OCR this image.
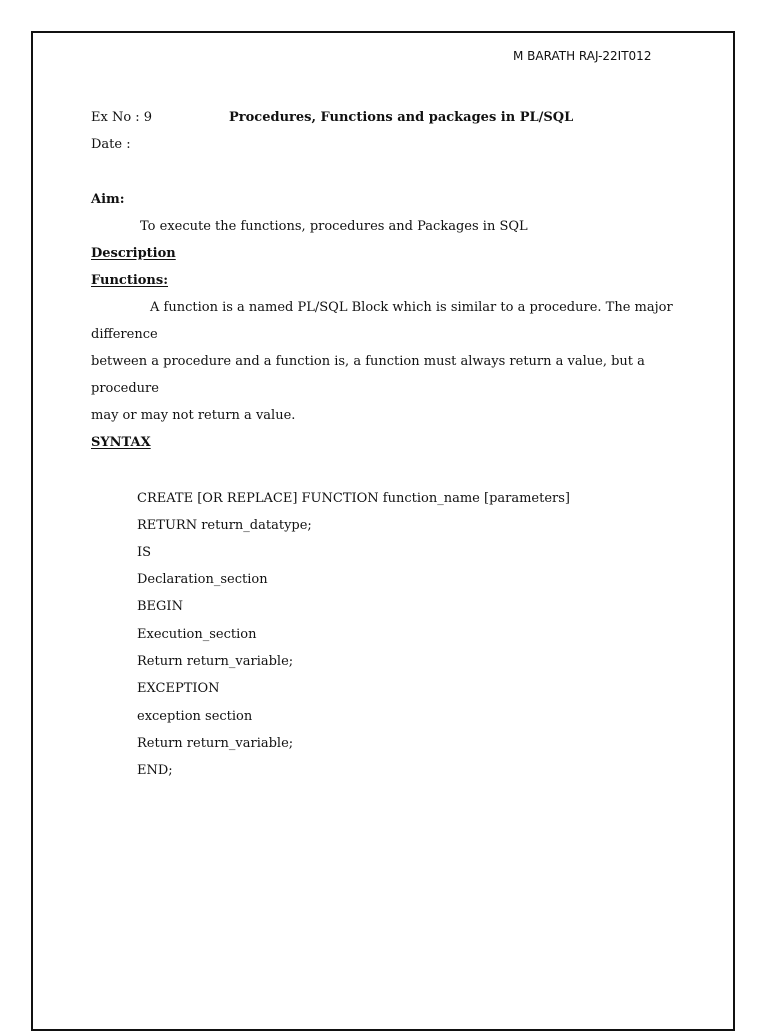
M BARATH RAJ-22IT012
Ex No : 9	Procedures, Functions and packages in PL/SQL
Date :
Aim:
To execute the functions, procedures and Packages in SQL
Description
Functions:
A function is a named PL/SQL Block which is similar to a procedure. The major
difference
between a procedure and a function is, a function must always return a value, but a
procedure
may or may not return a value.
SYNTAX
CREATE [OR REPLACE] FUNCTION function_name [parameters]
RETURN return_datatype;
IS
Declaration_section
BEGIN
Execution_section
Return return_variable;
EXCEPTION
exception section
Return return_variable;
END;
